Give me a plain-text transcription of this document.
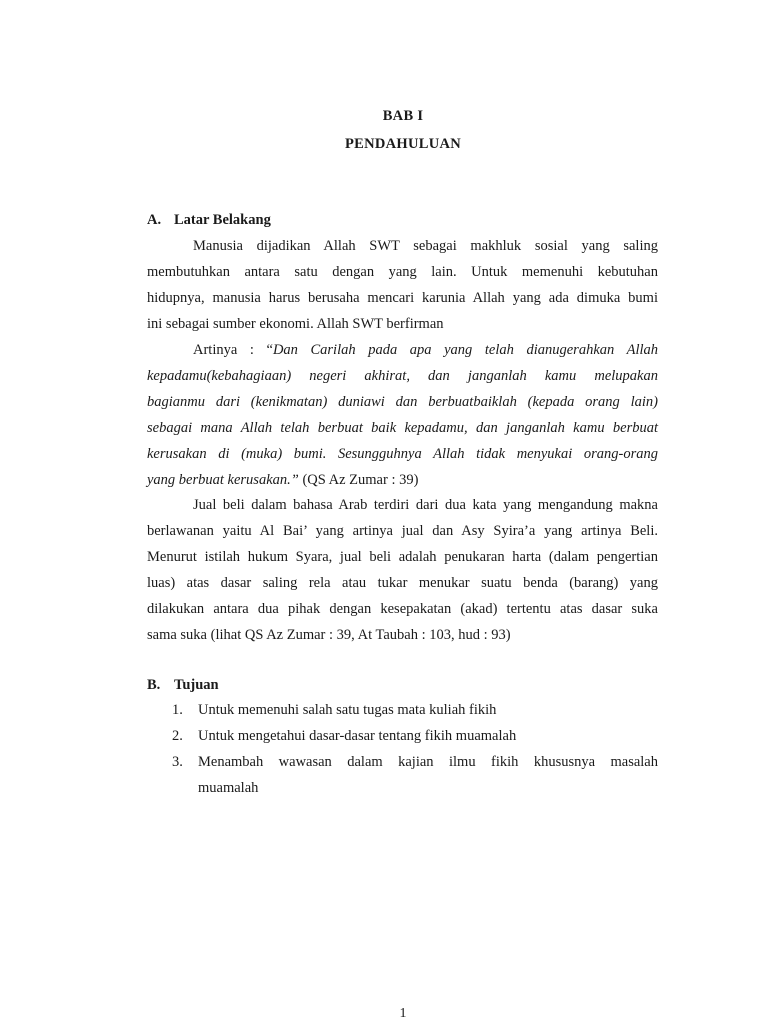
BAB I
PENDAHULUAN
A. Latar Belakang
Manusia dijadikan Allah SWT sebagai makhluk sosial yang saling
membutuhkan antara satu dengan yang lain. Untuk memenuhi kebutuhan
hidupnya, manusia harus berusaha mencari karunia Allah yang ada dimuka bumi
ini sebagai sumber ekonomi. Allah SWT berfirman
Artinya : “Dan Carilah pada apa yang telah dianugerahkan Allah
kepadamu(kebahagiaan) negeri akhirat, dan janganlah kamu melupakan
bagianmu dari (kenikmatan) duniawi dan berbuatbaiklah (kepada orang lain)
sebagai mana Allah telah berbuat baik kepadamu, dan janganlah kamu berbuat
kerusakan di (muka) bumi. Sesungguhnya Allah tidak menyukai orang-orang
yang berbuat kerusakan.” (QS Az Zumar : 39)
Jual beli dalam bahasa Arab terdiri dari dua kata yang mengandung makna
berlawanan yaitu Al Bai’ yang artinya jual dan Asy Syira’a yang artinya Beli.
Menurut istilah hukum Syara, jual beli adalah penukaran harta (dalam pengertian
luas) atas dasar saling rela atau tukar menukar suatu benda (barang) yang
dilakukan antara dua pihak dengan kesepakatan (akad) tertentu atas dasar suka
sama suka (lihat QS Az Zumar : 39, At Taubah : 103, hud : 93)
B. Tujuan
1. Untuk memenuhi salah satu tugas mata kuliah fikih
2. Untuk mengetahui dasar-dasar tentang fikih muamalah
3. Menambah wawasan dalam kajian ilmu fikih khususnya masalah
muamalah
1
